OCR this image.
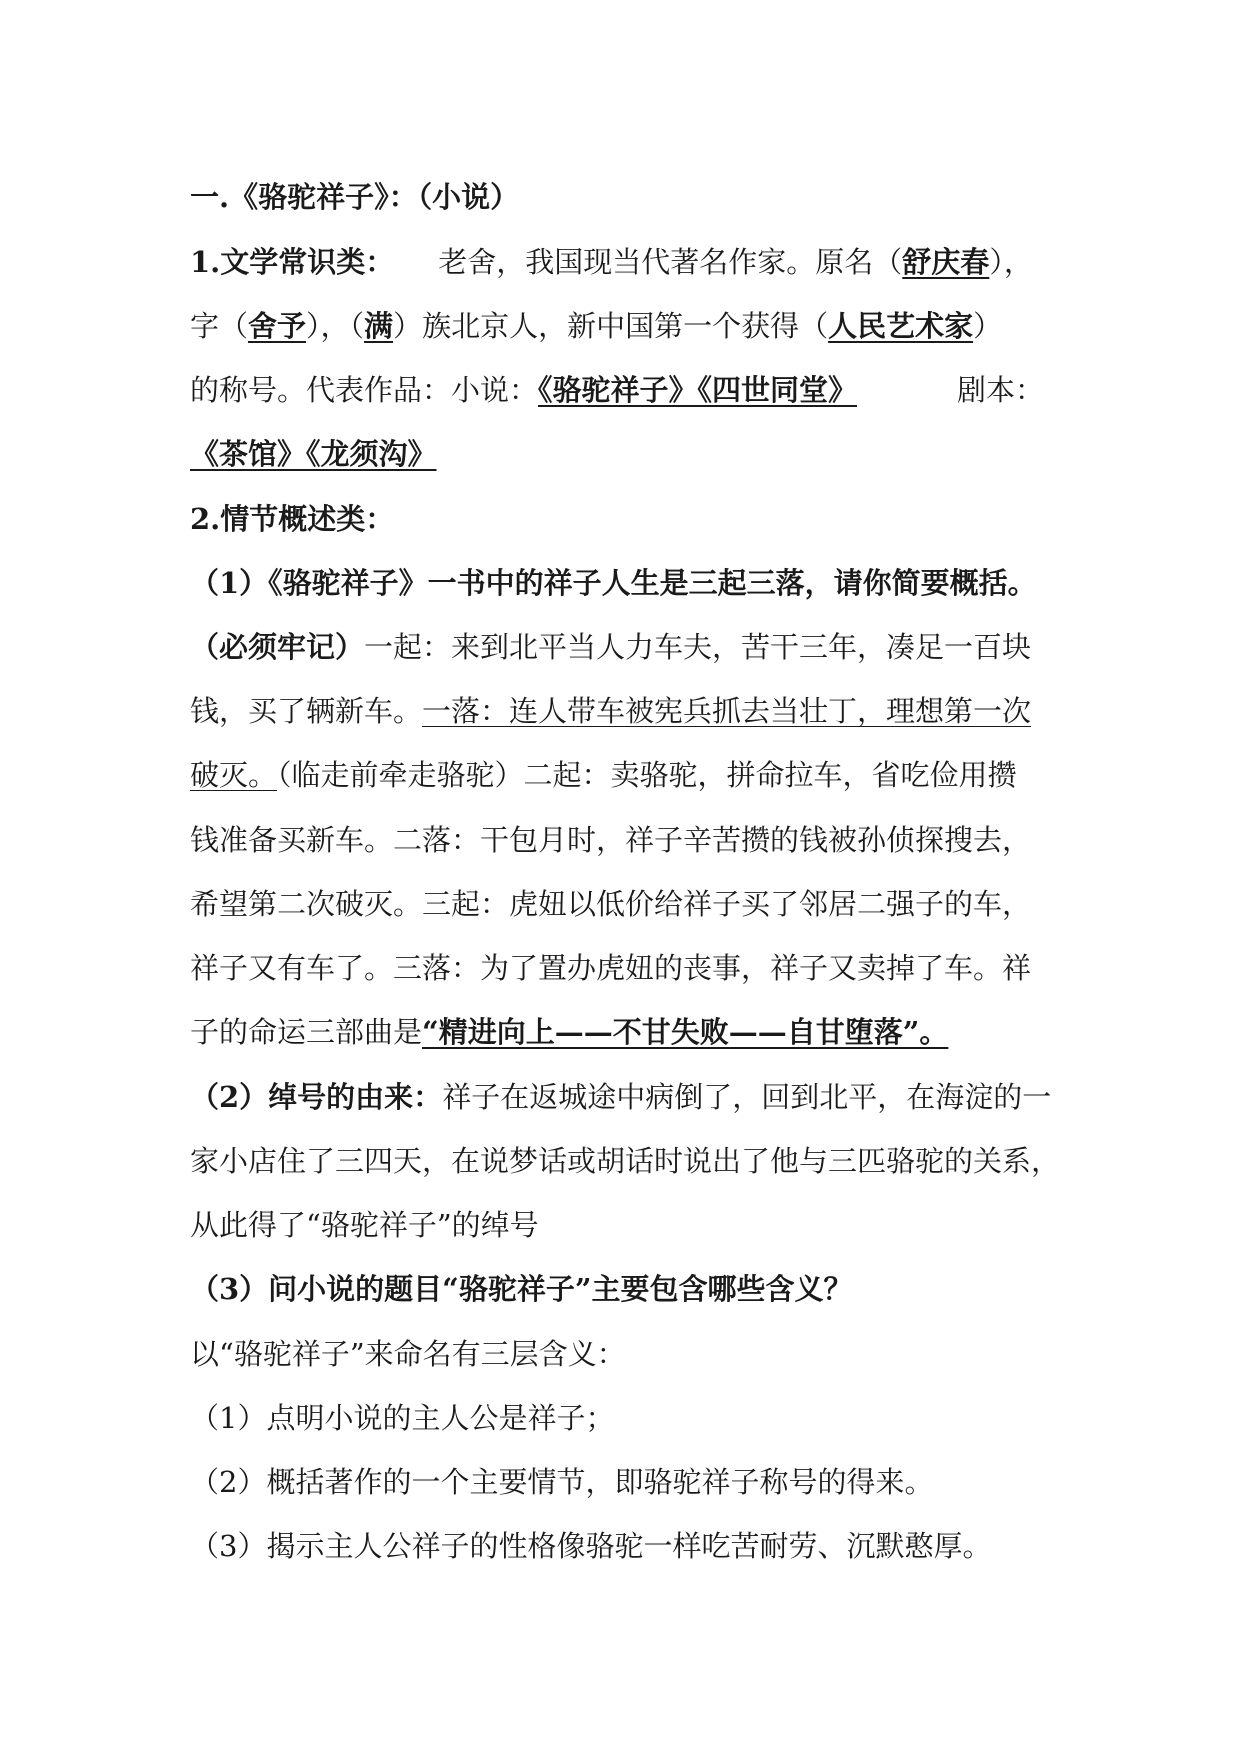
一.《骆驼祥子》：（小说）
1.文学常识类： 老舍，我国现当代著名作家。原名（舒庆春），
字（舍予），（满）族北京人，新中国第一个获得（人民艺术家）
的称号。代表作品：小说：《骆驼祥子》《四世同堂》	剧本：
《茶馆》《龙须沟》
2.情节概述类：
（1）《骆驼祥子》一书中的祥子人生是三起三落，请你简要概括。
（必须牢记）一起：来到北平当人力车夫，苦干三年，凑足一百块
钱，买了辆新车。一落：连人带车被宪兵抓去当壮丁，理想第一次
破灭。（临走前牵走骆驼）二起：卖骆驼，拼命拉车，省吃俭用攒
钱准备买新车。二落：干包月时，祥子辛苦攒的钱被孙侦探搜去，
希望第二次破灭。三起：虎妞以低价给祥子买了邻居二强子的车，
祥子又有车了。三落：为了置办虎妞的丧事，祥子又卖掉了车。祥
子的命运三部曲是“精进向上——不甘失败——自甘堕落”。
（2）绰号的由来：祥子在返城途中病倒了，回到北平，在海淀的一
家小店住了三四天，在说梦话或胡话时说出了他与三匹骆驼的关系，
从此得了“骆驼祥子”的绰号
（3）问小说的题目“骆驼祥子”主要包含哪些含义？
以“骆驼祥子”来命名有三层含义：
（1）点明小说的主人公是祥子；
（2）概括著作的一个主要情节，即骆驼祥子称号的得来。
（3）揭示主人公祥子的性格像骆驼一样吃苦耐劳、沉默憨厚。
